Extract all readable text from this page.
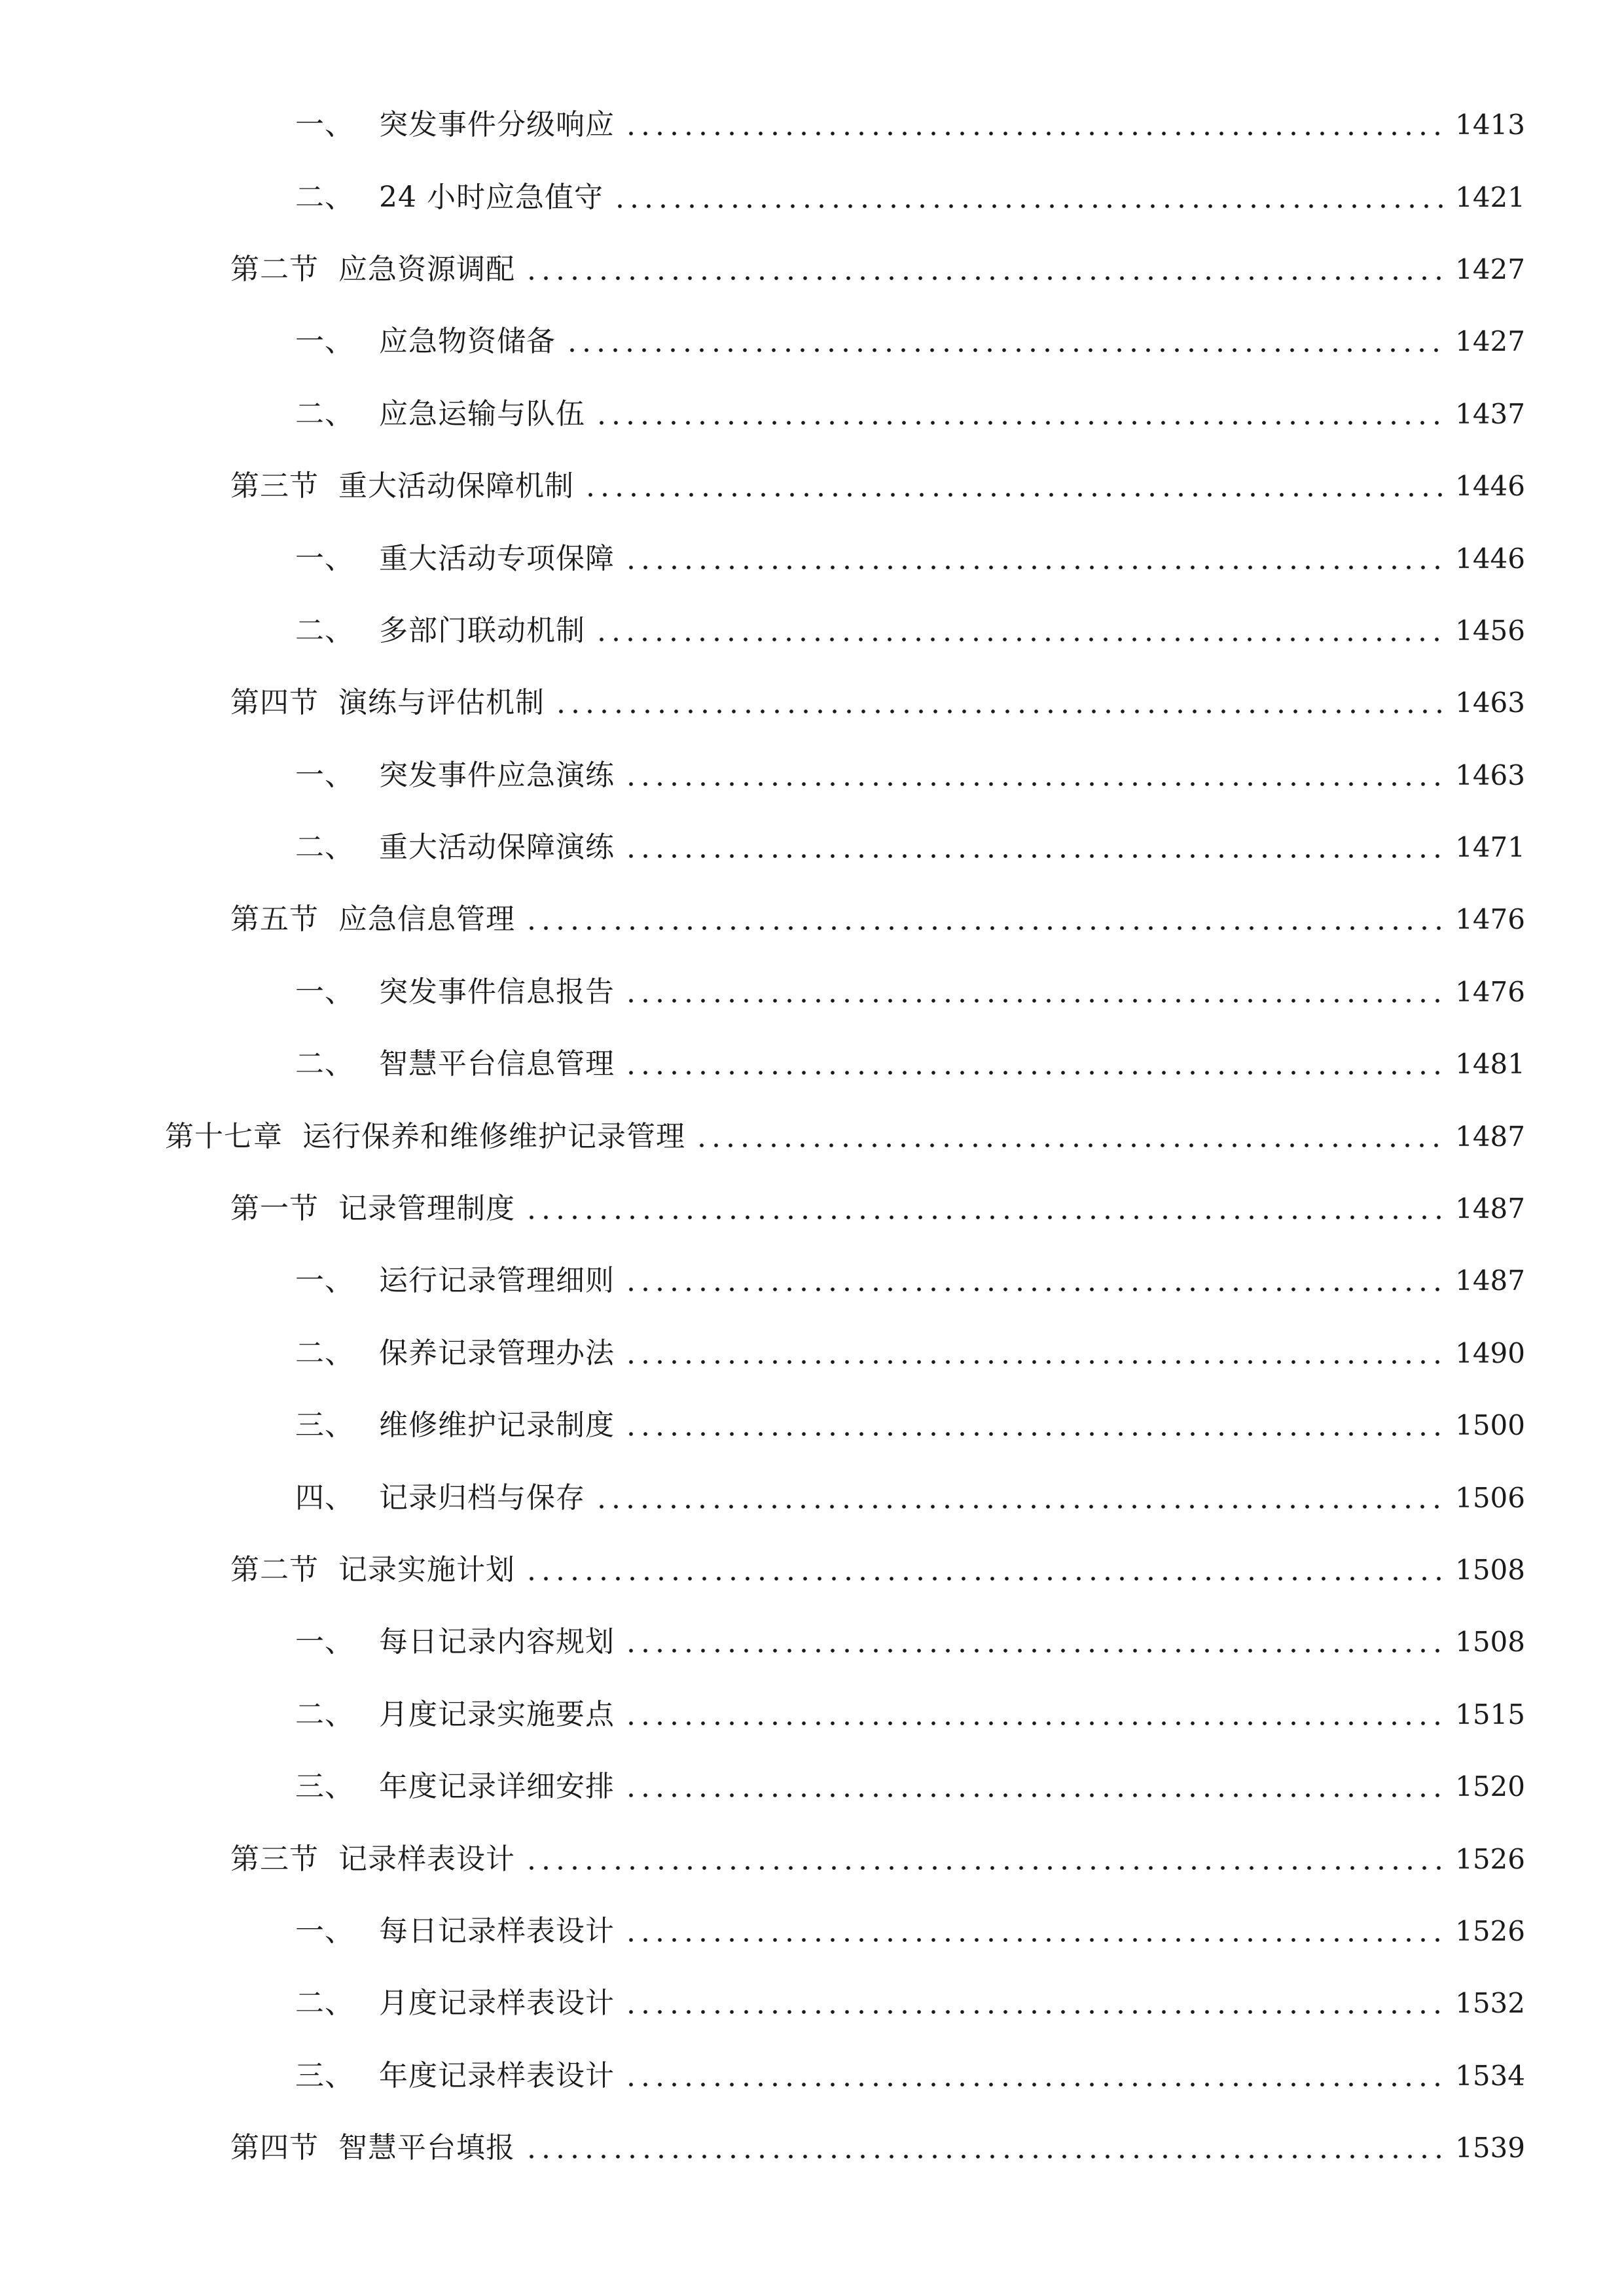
一、 突发事件分级响应	1413
二、 24 小时应急值守	1421
第二节 应急资源调配	1427
一、 应急物资储备	1427
二、 应急运输与队伍	1437
第三节 重大活动保障机制	1446
一、 重大活动专项保障	1446
二、 多部门联动机制	1456
第四节 演练与评估机制	1463
一、 突发事件应急演练	1463
二、 重大活动保障演练	1471
第五节 应急信息管理	1476
一、 突发事件信息报告	1476
二、 智慧平台信息管理	1481
第十七章 运行保养和维修维护记录管理	1487
第一节 记录管理制度	1487
一、 运行记录管理细则	1487
二、 保养记录管理办法	1490
三、 维修维护记录制度	1500
四、 记录归档与保存	1506
第二节 记录实施计划	1508
一、 每日记录内容规划	1508
二、 月度记录实施要点	1515
三、 年度记录详细安排	1520
第三节 记录样表设计	1526
一、 每日记录样表设计	1526
二、 月度记录样表设计	1532
三、 年度记录样表设计	1534
第四节 智慧平台填报	1539
